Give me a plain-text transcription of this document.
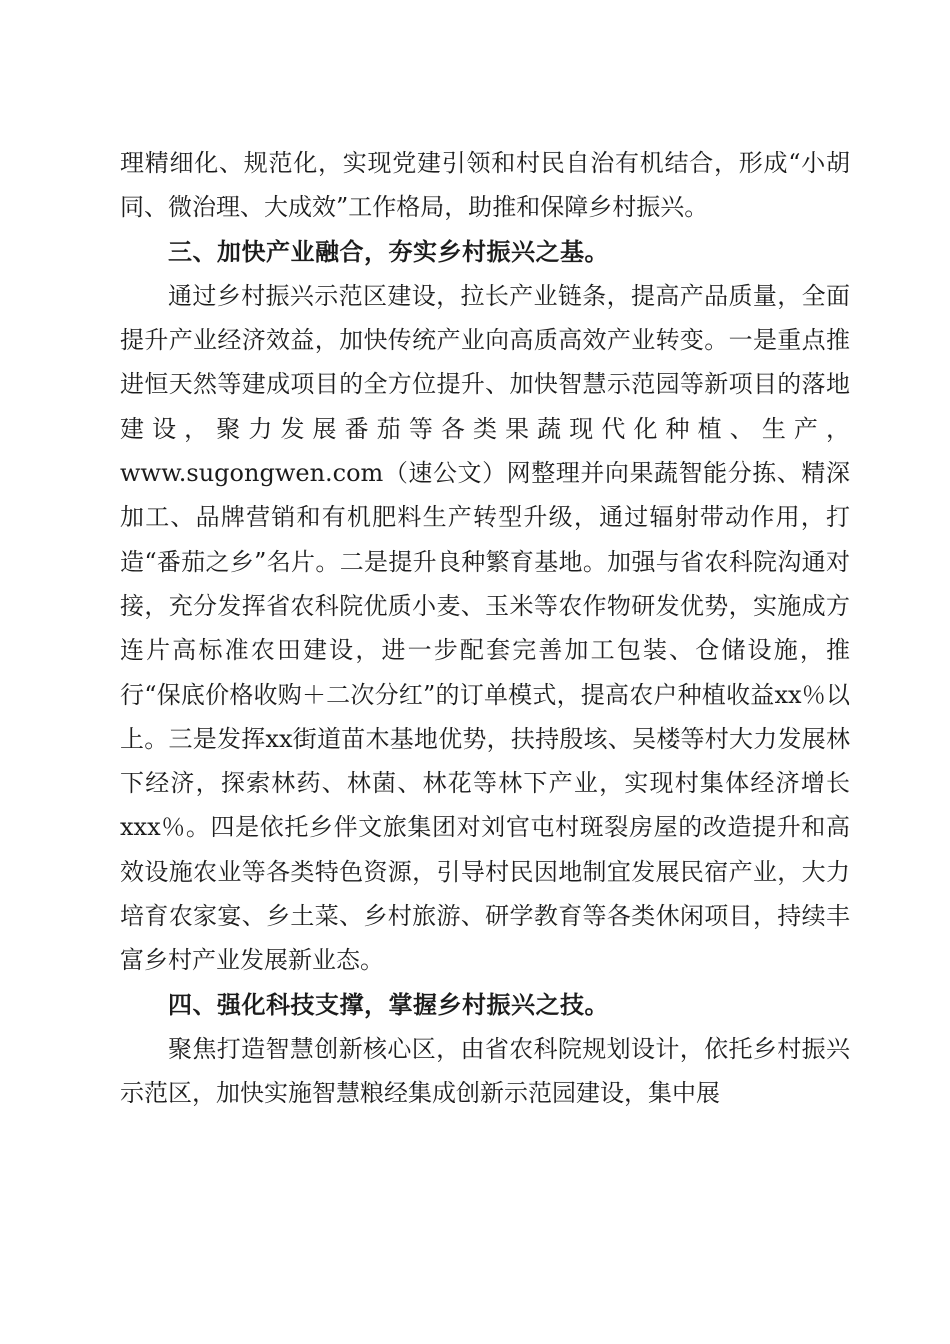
理精细化、规范化，实现党建引领和村民自治有机结合，形成“小胡同、微治理、大成效”工作格局，助推和保障乡村振兴。

三、加快产业融合，夯实乡村振兴之基。

通过乡村振兴示范区建设，拉长产业链条，提高产品质量，全面提升产业经济效益，加快传统产业向高质高效产业转变。一是重点推进恒天然等建成项目的全方位提升、加快智慧示范园等新项目的落地建设，聚力发展番茄等各类果蔬现代化种植、生产，www.sugongwen.com（速公文）网整理并向果蔬智能分拣、精深加工、品牌营销和有机肥料生产转型升级，通过辐射带动作用，打造“番茄之乡”名片。二是提升良种繁育基地。加强与省农科院沟通对接，充分发挥省农科院优质小麦、玉米等农作物研发优势，实施成方连片高标准农田建设，进一步配套完善加工包装、仓储设施，推行“保底价格收购＋二次分红”的订单模式，提高农户种植收益xx％以上。三是发挥xx街道苗木基地优势，扶持殷垓、吴楼等村大力发展林下经济，探索林药、林菌、林花等林下产业，实现村集体经济增长xxx％。四是依托乡伴文旅集团对刘官屯村斑裂房屋的改造提升和高效设施农业等各类特色资源，引导村民因地制宜发展民宿产业，大力培育农家宴、乡土菜、乡村旅游、研学教育等各类休闲项目，持续丰富乡村产业发展新业态。

四、强化科技支撑，掌握乡村振兴之技。

聚焦打造智慧创新核心区，由省农科院规划设计，依托乡村振兴示范区，加快实施智慧粮经集成创新示范园建设，集中展
